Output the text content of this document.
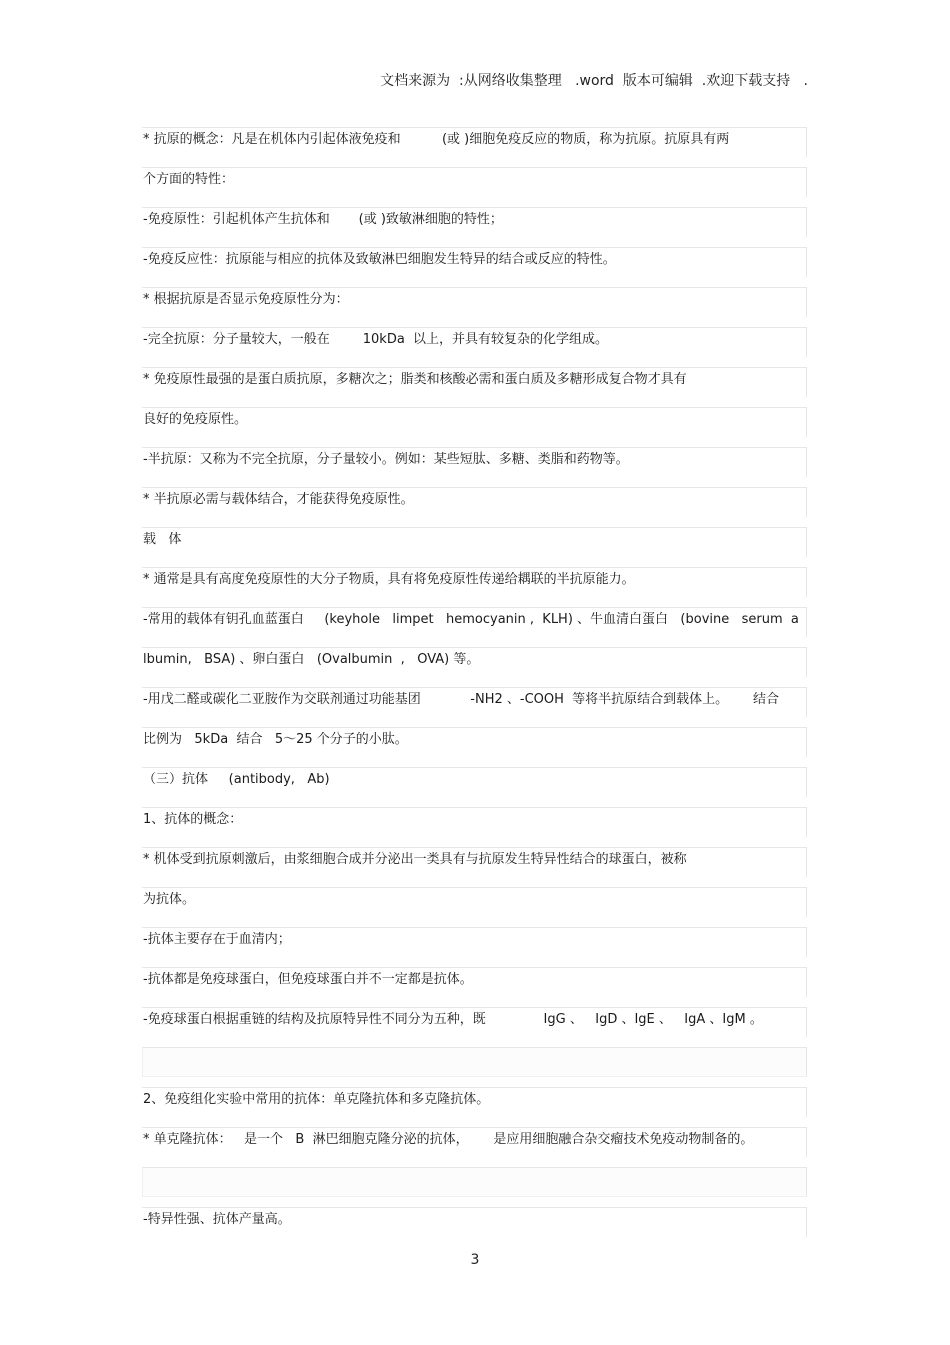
文档来源为  :从网络收集整理   .word  版本可编辑  .欢迎下载支持   .
* 抗原的概念：凡是在机体内引起体液免疫和          (或 )细胞免疫反应的物质，称为抗原。抗原具有两
个方面的特性：
-免疫原性：引起机体产生抗体和       (或 )致敏淋细胞的特性；
-免疫反应性：抗原能与相应的抗体及致敏淋巴细胞发生特异的结合或反应的特性。
* 根据抗原是否显示免疫原性分为：
-完全抗原：分子量较大，一般在        10kDa  以上，并具有较复杂的化学组成。
* 免疫原性最强的是蛋白质抗原，多糖次之；脂类和核酸必需和蛋白质及多糖形成复合物才具有
良好的免疫原性。
-半抗原：又称为不完全抗原，分子量较小。例如：某些短肽、多糖、类脂和药物等。
* 半抗原必需与载体结合，才能获得免疫原性。
载   体
* 通常是具有高度免疫原性的大分子物质，具有将免疫原性传递给耦联的半抗原能力。
-常用的载体有钥孔血蓝蛋白     (keyhole   limpet   hemocyanin ,  KLH) 、牛血清白蛋白   (bovine   serum  a
lbumin,   BSA) 、卵白蛋白   (Ovalbumin  ,   OVA) 等。
-用戊二醛或碳化二亚胺作为交联剂通过功能基团            -NH2 、-COOH  等将半抗原结合到载体上。      结合
比例为   5kDa  结合   5～25 个分子的小肽。
（三）抗体     (antibody,   Ab)
1、抗体的概念：
* 机体受到抗原刺激后，由浆细胞合成并分泌出一类具有与抗原发生特异性结合的球蛋白，被称
为抗体。
-抗体主要存在于血清内；
-抗体都是免疫球蛋白，但免疫球蛋白并不一定都是抗体。
-免疫球蛋白根据重链的结构及抗原特异性不同分为五种，既              IgG 、   IgD 、IgE 、   IgA 、IgM 。
2、免疫组化实验中常用的抗体：单克隆抗体和多克隆抗体。
* 单克隆抗体：   是一个   B  淋巴细胞克隆分泌的抗体，      是应用细胞融合杂交瘤技术免疫动物制备的。
-特异性强、抗体产量高。
3
